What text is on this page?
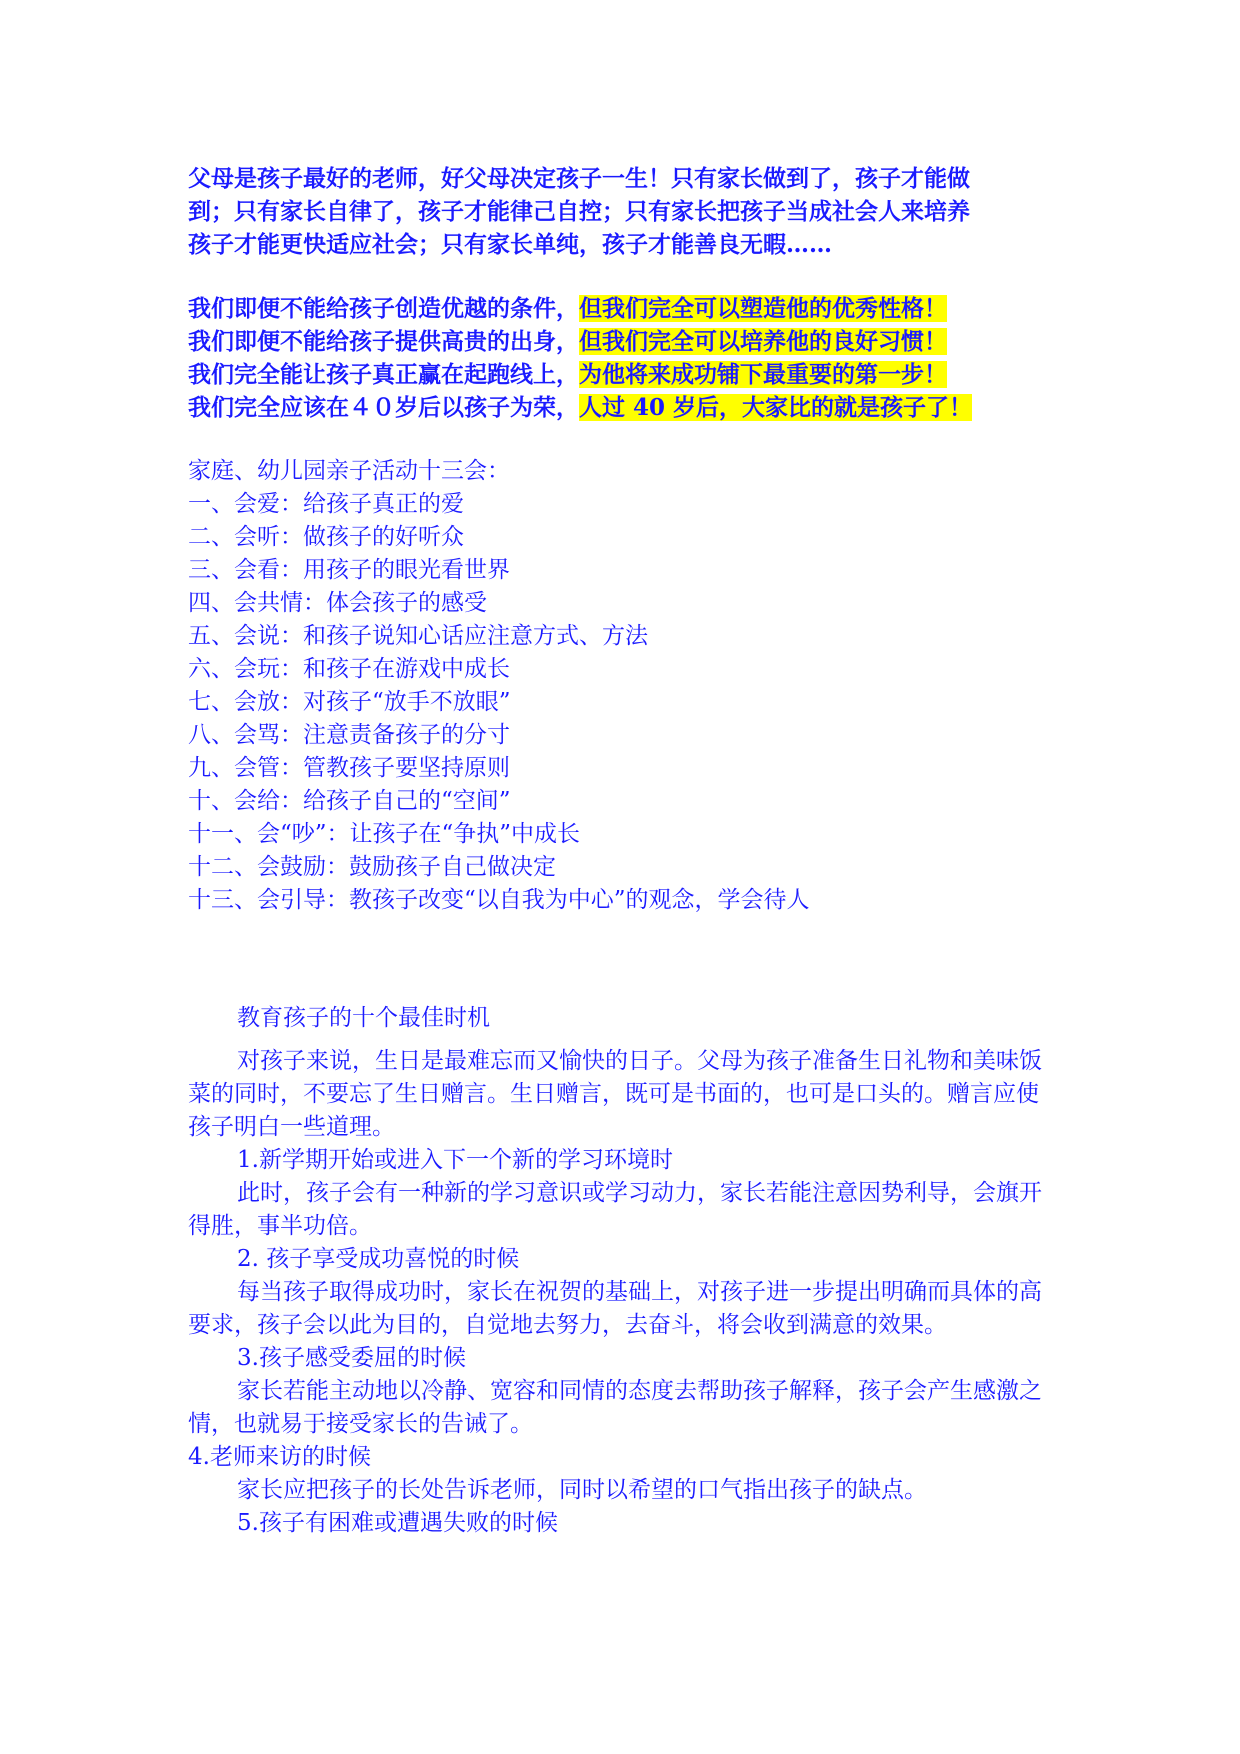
父母是孩子最好的老师，好父母决定孩子一生！只有家长做到了，孩子才能做

到；只有家长自律了，孩子才能律己自控；只有家长把孩子当成社会人来培养

孩子才能更快适应社会；只有家长单纯，孩子才能善良无暇……

我们即便不能给孩子创造优越的条件，但我们完全可以塑造他的优秀性格！
我们即便不能给孩子提供高贵的出身，但我们完全可以培养他的良好习惯！
我们完全能让孩子真正赢在起跑线上，为他将来成功铺下最重要的第一步！
我们完全应该在４０岁后以孩子为荣，人过 40 岁后，大家比的就是孩子了！
家庭、幼儿园亲子活动十三会：
一、会爱：给孩子真正的爱
二、会听：做孩子的好听众
三、会看：用孩子的眼光看世界
四、会共情：体会孩子的感受
五、会说：和孩子说知心话应注意方式、方法
六、会玩：和孩子在游戏中成长
七、会放：对孩子“放手不放眼”
八、会骂：注意责备孩子的分寸
九、会管：管教孩子要坚持原则
十、会给：给孩子自己的“空间”
十一、会“吵”：让孩子在“争执”中成长
十二、会鼓励：鼓励孩子自己做决定
十三、会引导：教孩子改变“以自我为中心”的观念，学会待人
教育孩子的十个最佳时机

对孩子来说，生日是最难忘而又愉快的日子。父母为孩子准备生日礼物和美味饭菜的同时，不要忘了生日赠言。生日赠言，既可是书面的，也可是口头的。赠言应使孩子明白一些道理。

1.新学期开始或进入下一个新的学习环境时

此时，孩子会有一种新的学习意识或学习动力，家长若能注意因势利导，会旗开得胜，事半功倍。

2. 孩子享受成功喜悦的时候

每当孩子取得成功时，家长在祝贺的基础上，对孩子进一步提出明确而具体的高要求，孩子会以此为目的，自觉地去努力，去奋斗，将会收到满意的效果。

3.孩子感受委屈的时候

家长若能主动地以冷静、宽容和同情的态度去帮助孩子解释，孩子会产生感激之情，也就易于接受家长的告诫了。

4.老师来访的时候

家长应把孩子的长处告诉老师，同时以希望的口气指出孩子的缺点。

5.孩子有困难或遭遇失败的时候
